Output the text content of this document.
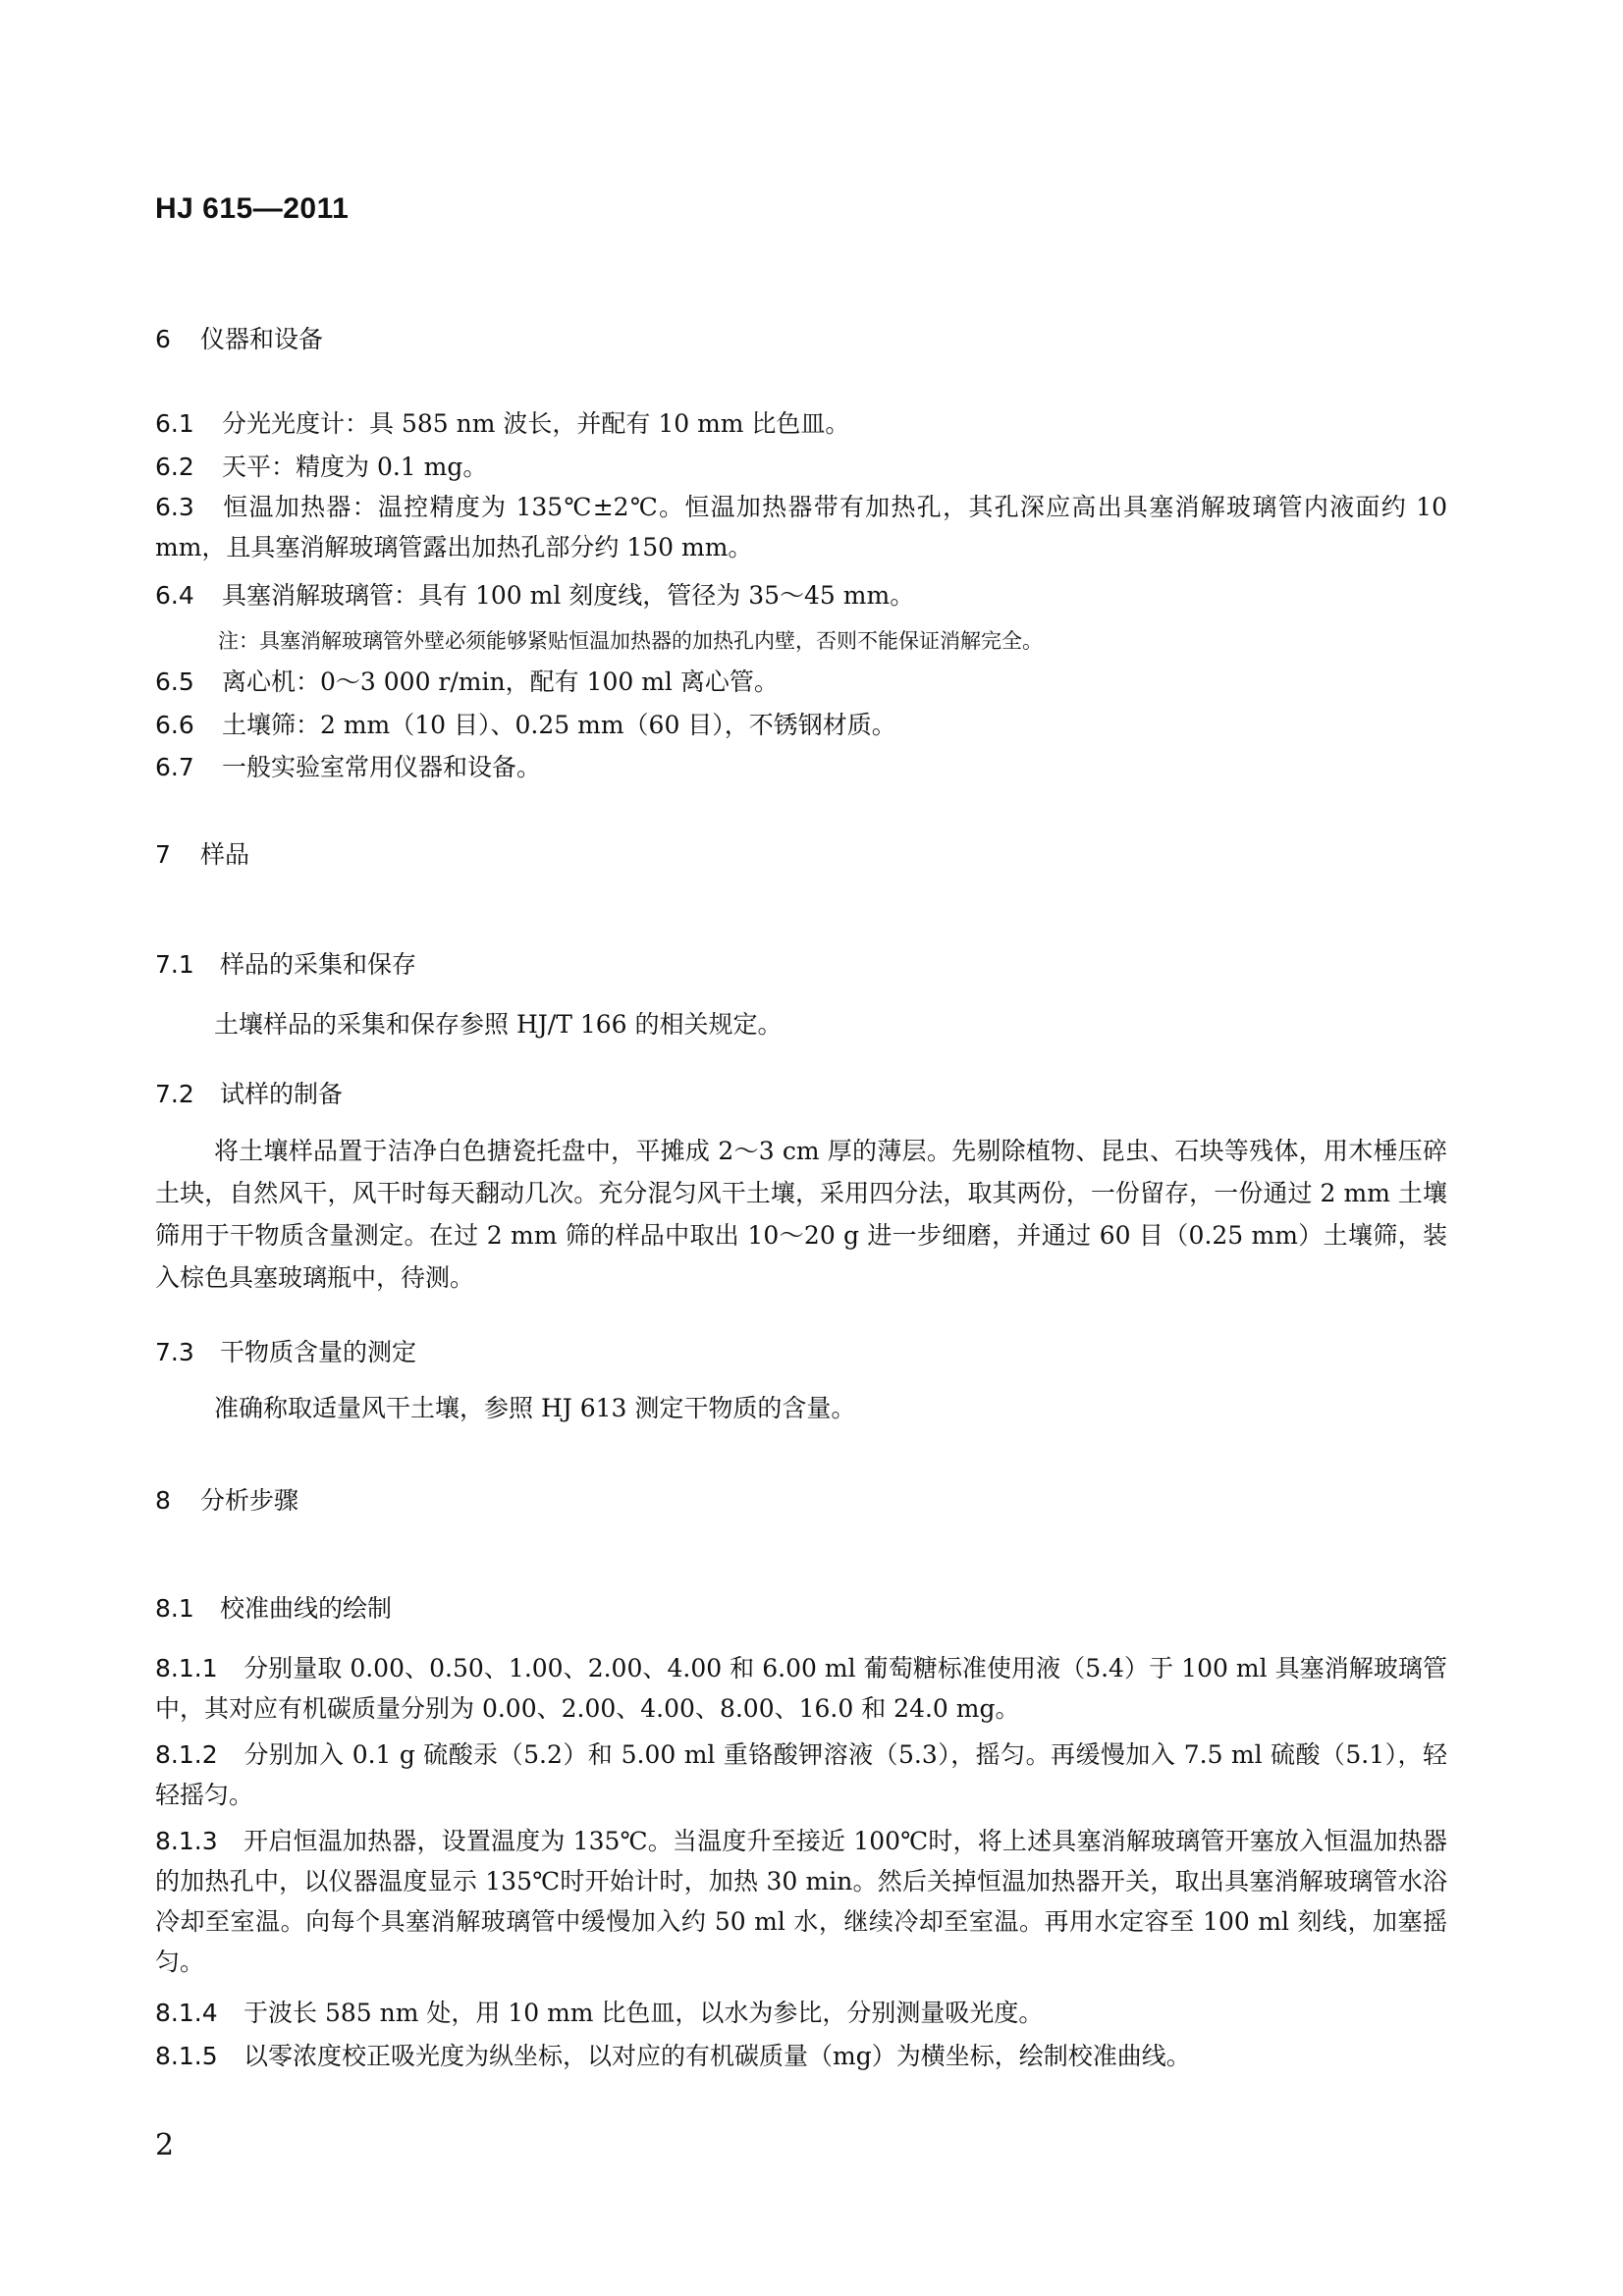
HJ 615—2011
6 仪器和设备
6.1 分光光度计：具 585 nm 波长，并配有 10 mm 比色皿。
6.2 天平：精度为 0.1 mg。
6.3 恒温加热器：温控精度为 135℃±2℃。恒温加热器带有加热孔，其孔深应高出具塞消解玻璃管内液面约 10 mm，且具塞消解玻璃管露出加热孔部分约 150 mm。
6.4 具塞消解玻璃管：具有 100 ml 刻度线，管径为 35～45 mm。
注：具塞消解玻璃管外壁必须能够紧贴恒温加热器的加热孔内壁，否则不能保证消解完全。
6.5 离心机：0～3 000 r/min，配有 100 ml 离心管。
6.6 土壤筛：2 mm（10 目）、0.25 mm（60 目），不锈钢材质。
6.7 一般实验室常用仪器和设备。
7 样品
7.1 样品的采集和保存
土壤样品的采集和保存参照 HJ/T 166 的相关规定。
7.2 试样的制备
将土壤样品置于洁净白色搪瓷托盘中，平摊成 2～3 cm 厚的薄层。先剔除植物、昆虫、石块等残体，用木棰压碎土块，自然风干，风干时每天翻动几次。充分混匀风干土壤，采用四分法，取其两份，一份留存，一份通过 2 mm 土壤筛用于干物质含量测定。在过 2 mm 筛的样品中取出 10～20 g 进一步细磨，并通过 60 目（0.25 mm）土壤筛，装入棕色具塞玻璃瓶中，待测。
7.3 干物质含量的测定
准确称取适量风干土壤，参照 HJ 613 测定干物质的含量。
8 分析步骤
8.1 校准曲线的绘制
8.1.1 分别量取 0.00、0.50、1.00、2.00、4.00 和 6.00 ml 葡萄糖标准使用液（5.4）于 100 ml 具塞消解玻璃管中，其对应有机碳质量分别为 0.00、2.00、4.00、8.00、16.0 和 24.0 mg。
8.1.2 分别加入 0.1 g 硫酸汞（5.2）和 5.00 ml 重铬酸钾溶液（5.3），摇匀。再缓慢加入 7.5 ml 硫酸（5.1），轻轻摇匀。
8.1.3 开启恒温加热器，设置温度为 135℃。当温度升至接近 100℃时，将上述具塞消解玻璃管开塞放入恒温加热器的加热孔中，以仪器温度显示 135℃时开始计时，加热 30 min。然后关掉恒温加热器开关，取出具塞消解玻璃管水浴冷却至室温。向每个具塞消解玻璃管中缓慢加入约 50 ml 水，继续冷却至室温。再用水定容至 100 ml 刻线，加塞摇匀。
8.1.4 于波长 585 nm 处，用 10 mm 比色皿，以水为参比，分别测量吸光度。
8.1.5 以零浓度校正吸光度为纵坐标，以对应的有机碳质量（mg）为横坐标，绘制校准曲线。
2
